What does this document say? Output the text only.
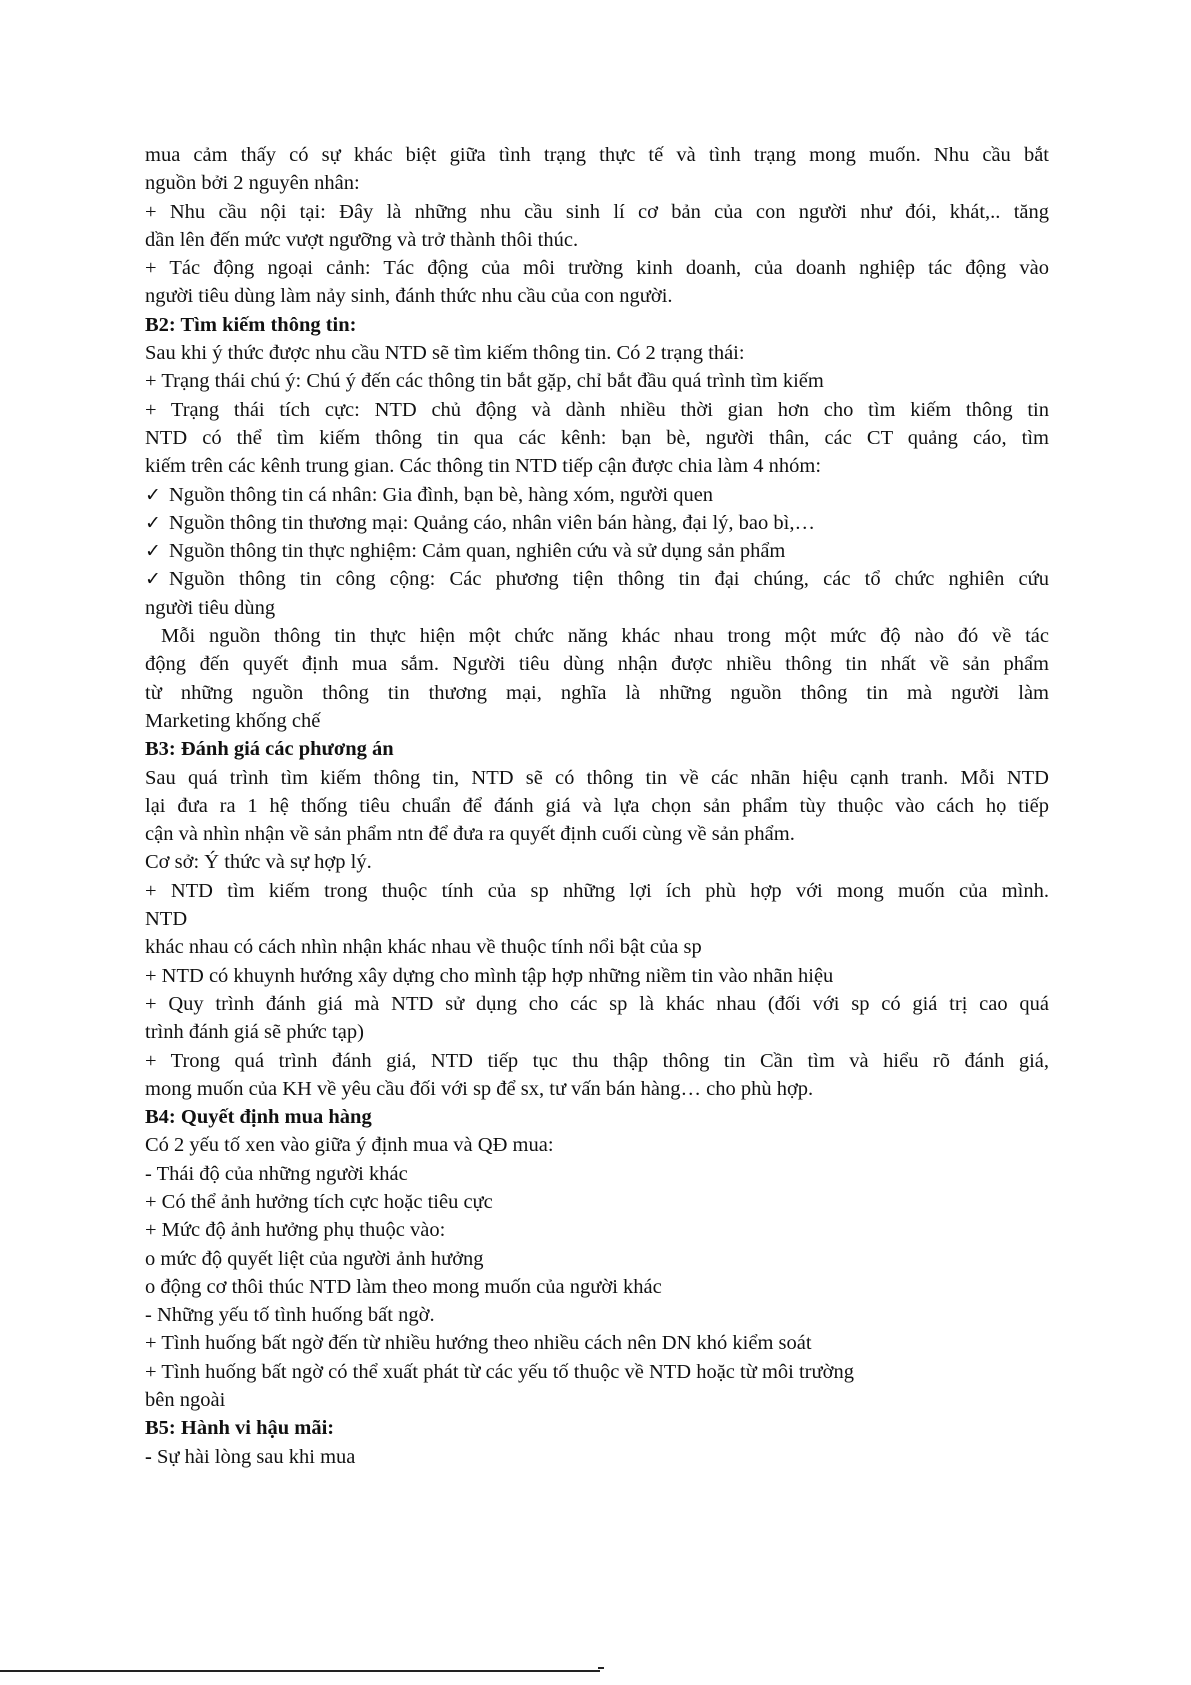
mua cảm thấy có sự khác biệt giữa tình trạng thực tế và tình trạng mong muốn. Nhu cầu bắt

nguồn bởi 2 nguyên nhân:

+ Nhu cầu nội tại: Đây là những nhu cầu sinh lí cơ bản của con người như đói, khát,.. tăng

dần lên đến mức vượt ngưỡng và trở thành thôi thúc.

+ Tác động ngoại cảnh: Tác động của môi trường kinh doanh, của doanh nghiệp tác động vào

người tiêu dùng làm nảy sinh, đánh thức nhu cầu của con người.

B2: Tìm kiếm thông tin:

Sau khi ý thức được nhu cầu NTD sẽ tìm kiếm thông tin. Có 2 trạng thái:

+ Trạng thái chú ý: Chú ý đến các thông tin bắt gặp, chỉ bắt đầu quá trình tìm kiếm

+ Trạng thái tích cực: NTD chủ động và dành nhiều thời gian hơn cho tìm kiếm thông tin

NTD có thể tìm kiếm thông tin qua các kênh: bạn bè, người thân, các CT quảng cáo, tìm

kiếm trên các kênh trung gian. Các thông tin NTD tiếp cận được chia làm 4 nhóm:

✓ Nguồn thông tin cá nhân: Gia đình, bạn bè, hàng xóm, người quen

✓ Nguồn thông tin thương mại: Quảng cáo, nhân viên bán hàng, đại lý, bao bì,…

✓ Nguồn thông tin thực nghiệm: Cảm quan, nghiên cứu và sử dụng sản phẩm

✓ Nguồn thông tin công cộng: Các phương tiện thông tin đại chúng, các tổ chức nghiên cứu

người tiêu dùng

Mỗi nguồn thông tin thực hiện một chức năng khác nhau trong một mức độ nào đó về tác

động đến quyết định mua sắm. Người tiêu dùng nhận được nhiều thông tin nhất về sản phẩm

từ những nguồn thông tin thương mại, nghĩa là những nguồn thông tin mà người làm

Marketing khống chế

B3: Đánh giá các phương án

Sau quá trình tìm kiếm thông tin, NTD sẽ có thông tin về các nhãn hiệu cạnh tranh. Mỗi NTD

lại đưa ra 1 hệ thống tiêu chuẩn để đánh giá và lựa chọn sản phẩm tùy thuộc vào cách họ tiếp

cận và nhìn nhận về sản phẩm ntn để đưa ra quyết định cuối cùng về sản phẩm.

Cơ sở: Ý thức và sự hợp lý.

+ NTD tìm kiếm trong thuộc tính của sp những lợi ích phù hợp với mong muốn của mình.

NTD

khác nhau có cách nhìn nhận khác nhau về thuộc tính nổi bật của sp

+ NTD có khuynh hướng xây dựng cho mình tập hợp những niềm tin vào nhãn hiệu

+ Quy trình đánh giá mà NTD sử dụng cho các sp là khác nhau (đối với sp có giá trị cao quá

trình đánh giá sẽ phức tạp)

+ Trong quá trình đánh giá, NTD tiếp tục thu thập thông tin Cần tìm và hiểu rõ đánh giá,

mong muốn của KH về yêu cầu đối với sp để sx, tư vấn bán hàng… cho phù hợp.

B4: Quyết định mua hàng

Có 2 yếu tố xen vào giữa ý định mua và QĐ mua:

- Thái độ của những người khác

+ Có thể ảnh hưởng tích cực hoặc tiêu cực

+ Mức độ ảnh hưởng phụ thuộc vào:

o mức độ quyết liệt của người ảnh hưởng

o động cơ thôi thúc NTD làm theo mong muốn của người khác

- Những yếu tố tình huống bất ngờ.

+ Tình huống bất ngờ đến từ nhiều hướng theo nhiều cách nên DN khó kiểm soát

+ Tình huống bất ngờ có thể xuất phát từ các yếu tố thuộc về NTD hoặc từ môi trường

bên ngoài

B5: Hành vi hậu mãi:

- Sự hài lòng sau khi mua
